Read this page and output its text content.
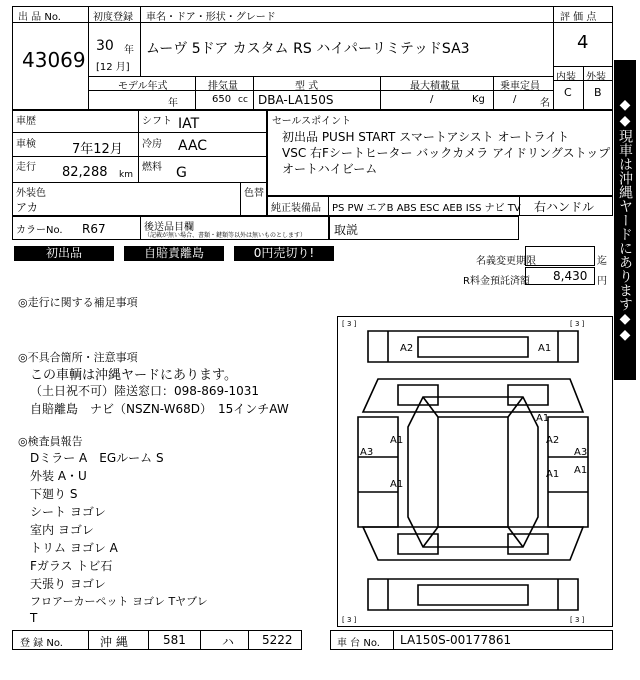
出 品 No.
43069
初度登録
30 年
[12 月]
車名・ドア・形状・グレード
ムーヴ 5ドア カスタム RS ハイパーリミテッドSA3
評 価 点
4
内装 外装
C B
モデル年式
年
排気量
650 cc
型 式
DBA-LA150S
最大積載量
/	Kg
乗車定員
/ 名
車歴
車検	7年12月
走行 82,288 km
シフト IAT
冷房 AAC
燃料 G
外装色
アカ
色替
カラーNo. R67	後送品目欄
（記載が無い場合、書類・鍵類等以外は無いものとします） 取説
セールスポイント
初出品 PUSH START スマートアシスト オートライト
VSC 右Fシートヒーター バックカメラ アイドリングストップ
オートハイビーム
純正装備品 PS PW エアB ABS ESC AEB ISS ナビ TV 右ハンドル
初出品	自賠責離島	0円売切り!
名義変更期限	迄
R料金預託済額 8,430 円
◎走行に関する補足事項
◎不具合箇所・注意事項
この車輌は沖縄ヤードにあります。
（土日祝不可）陸送窓口：098-869-1031
自賠離島　ナビ（NSZN-W68D）　15インチAW
◎検査員報告
Dミラー A　EGルーム S
外装 A・U
下廻り S
シート ヨゴレ
室内 ヨゴレ
トリム ヨゴレ A
Fガラス トビ石
天張り ヨゴレ
フロアーカーペット ヨゴレ Tヤブレ
T
[ 3 ]	[ 3 ]
[ 3 ]	[ 3 ]
A2	A1
A1
A1
A1
A2
A3	A3
A1 A1
登 録 No.	沖 縄	581	ハ 5222	車 台 No. LA150S-00177861
◆◆現車は沖縄ヤードにあります◆◆
